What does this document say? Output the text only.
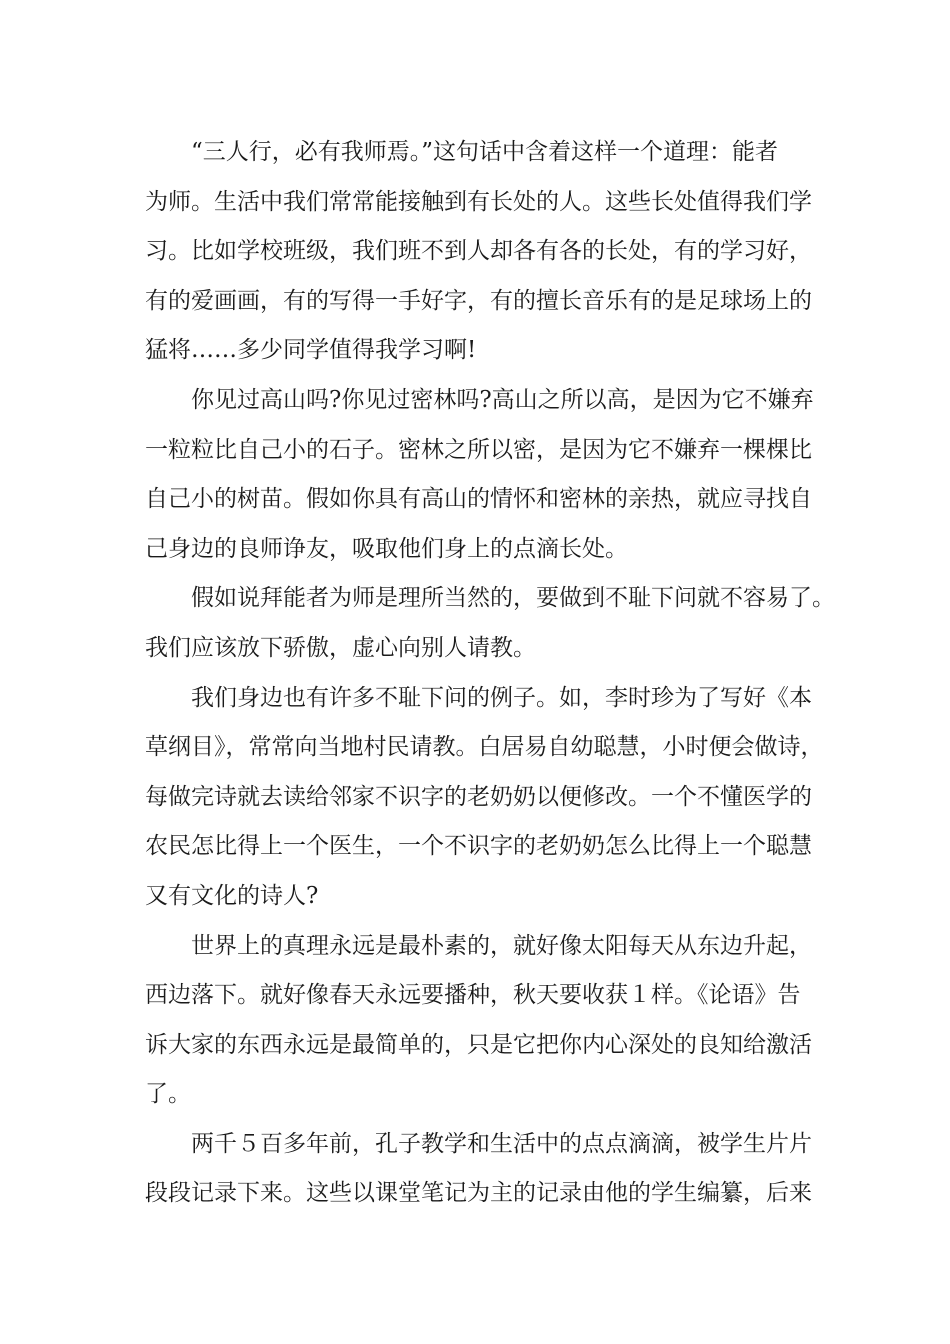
“三人行，必有我师焉。”这句话中含着这样一个道理：能者
为师。生活中我们常常能接触到有长处的人。这些长处值得我们学
习。比如学校班级，我们班不到人却各有各的长处，有的学习好，
有的爱画画，有的写得一手好字，有的擅长音乐有的是足球场上的
猛将……多少同学值得我学习啊!

你见过高山吗?你见过密林吗?高山之所以高，是因为它不嫌弃
一粒粒比自己小的石子。密林之所以密，是因为它不嫌弃一棵棵比
自己小的树苗。假如你具有高山的情怀和密林的亲热，就应寻找自
己身边的良师诤友，吸取他们身上的点滴长处。

假如说拜能者为师是理所当然的，要做到不耻下问就不容易了。
我们应该放下骄傲，虚心向别人请教。

我们身边也有许多不耻下问的例子。如，李时珍为了写好《本
草纲目》，常常向当地村民请教。白居易自幼聪慧，小时便会做诗，
每做完诗就去读给邻家不识字的老奶奶以便修改。一个不懂医学的
农民怎比得上一个医生，一个不识字的老奶奶怎么比得上一个聪慧
又有文化的诗人?

世界上的真理永远是最朴素的，就好像太阳每天从东边升起，
西边落下。就好像春天永远要播种，秋天要收获１样。《论语》告
诉大家的东西永远是最简单的，只是它把你内心深处的良知给激活
了。

两千５百多年前，孔子教学和生活中的点点滴滴，被学生片片
段段记录下来。这些以课堂笔记为主的记录由他的学生编纂，后来
